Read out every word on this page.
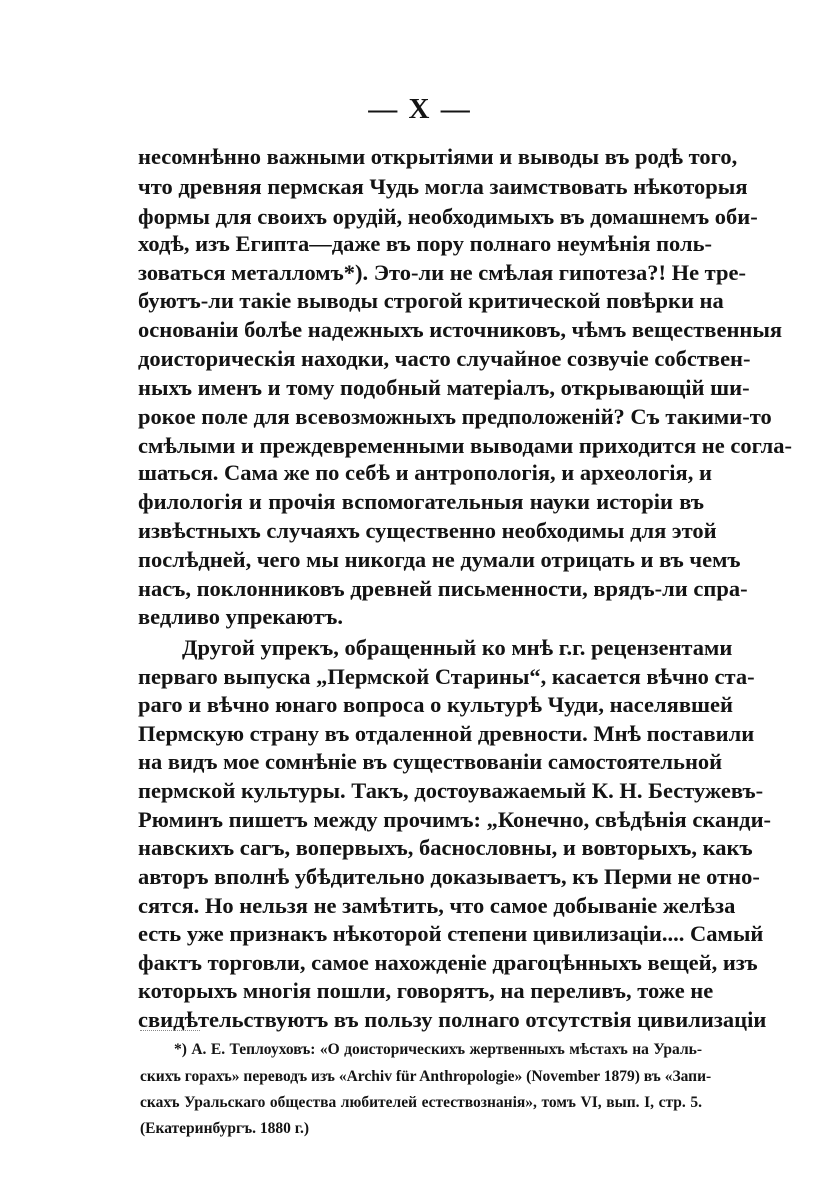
— X —
несомнѣнно важными открытіями и выводы въ родѣ того,
что древняя пермская Чудь могла заимствовать нѣкоторыя
формы для своихъ орудій, необходимыхъ въ домашнемъ оби-
ходѣ, изъ Египта—даже въ пору полнаго неумѣнія поль-
зоваться металломъ*). Это-ли не смѣлая гипотеза?! Не тре-
буютъ-ли такіе выводы строгой критической повѣрки на
основаніи болѣе надежныхъ источниковъ, чѣмъ вещественныя
доисторическія находки, часто случайное созвучіе собствен-
ныхъ именъ и тому подобный матеріалъ, открывающій ши-
рокое поле для всевозможныхъ предположеній? Съ такими-то
смѣлыми и преждевременными выводами приходится не согла-
шаться. Сама же по себѣ и антропологія, и археологія, и
филологія и прочія вспомогательныя науки исторіи въ
извѣстныхъ случаяхъ существенно необходимы для этой
послѣдней, чего мы никогда не думали отрицать и въ чемъ
насъ, поклонниковъ древней письменности, врядъ-ли спра-
ведливо упрекаютъ.
Другой упрекъ, обращенный ко мнѣ г.г. рецензентами
перваго выпуска „Пермской Старины“, касается вѣчно ста-
раго и вѣчно юнаго вопроса о культурѣ Чуди, населявшей
Пермскую страну въ отдаленной древности. Мнѣ поставили
на видъ мое сомнѣніе въ существованіи самостоятельной
пермской культуры. Такъ, достоуважаемый К. Н. Бестужевъ-
Рюминъ пишетъ между прочимъ: „Конечно, свѣдѣнія сканди-
навскихъ сагъ, вопервыхъ, баснословны, и вовторыхъ, какъ
авторъ вполнѣ убѣдительно доказываетъ, къ Перми не отно-
сятся. Но нельзя не замѣтить, что самое добываніе желѣза
есть уже признакъ нѣкоторой степени цивилизаціи.... Самый
фактъ торговли, самое нахожденіе драгоцѣнныхъ вещей, изъ
которыхъ многія пошли, говорятъ, на переливъ, тоже не
свидѣтельствуютъ въ пользу полнаго отсутствія цивилизаціи
*) А. Е. Теплоуховъ: «О доисторическихъ жертвенныхъ мѣстахъ на Ураль-
скихъ горахъ» переводъ изъ «Archiv für Anthropologie» (November 1879) въ «Запи-
скахъ Уральскаго общества любителей естествознанія», томъ VI, вып. I, стр. 5.
(Екатеринбургъ. 1880 г.)
